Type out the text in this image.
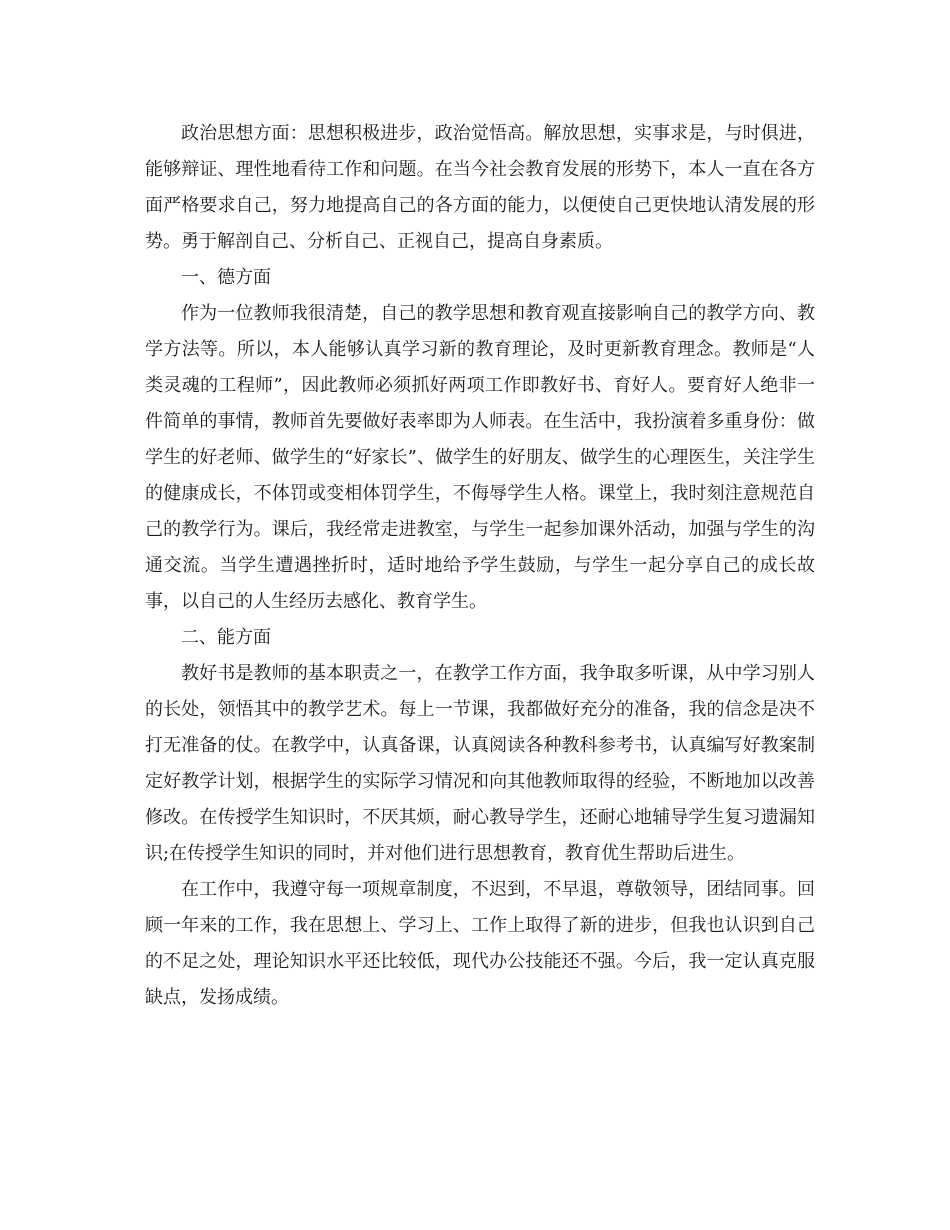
政治思想方面：思想积极进步，政治觉悟高。解放思想，实事求是，与时俱进，能够辩证、理性地看待工作和问题。在当今社会教育发展的形势下，本人一直在各方面严格要求自己，努力地提高自己的各方面的能力，以便使自己更快地认清发展的形势。勇于解剖自己、分析自己、正视自己，提高自身素质。

一、德方面

作为一位教师我很清楚，自己的教学思想和教育观直接影响自己的教学方向、教学方法等。所以，本人能够认真学习新的教育理论，及时更新教育理念。教师是“人类灵魂的工程师”，因此教师必须抓好两项工作即教好书、育好人。要育好人绝非一件简单的事情，教师首先要做好表率即为人师表。在生活中，我扮演着多重身份：做学生的好老师、做学生的“好家长”、做学生的好朋友、做学生的心理医生，关注学生的健康成长，不体罚或变相体罚学生，不侮辱学生人格。课堂上，我时刻注意规范自己的教学行为。课后，我经常走进教室，与学生一起参加课外活动，加强与学生的沟通交流。当学生遭遇挫折时，适时地给予学生鼓励，与学生一起分享自己的成长故事，以自己的人生经历去感化、教育学生。

二、能方面

教好书是教师的基本职责之一，在教学工作方面，我争取多听课，从中学习别人的长处，领悟其中的教学艺术。每上一节课，我都做好充分的准备，我的信念是决不打无准备的仗。在教学中，认真备课，认真阅读各种教科参考书，认真编写好教案制定好教学计划，根据学生的实际学习情况和向其他教师取得的经验，不断地加以改善修改。在传授学生知识时，不厌其烦，耐心教导学生，还耐心地辅导学生复习遗漏知识;在传授学生知识的同时，并对他们进行思想教育，教育优生帮助后进生。

在工作中，我遵守每一项规章制度，不迟到，不早退，尊敬领导，团结同事。回顾一年来的工作，我在思想上、学习上、工作上取得了新的进步，但我也认识到自己的不足之处，理论知识水平还比较低，现代办公技能还不强。今后，我一定认真克服缺点，发扬成绩。
